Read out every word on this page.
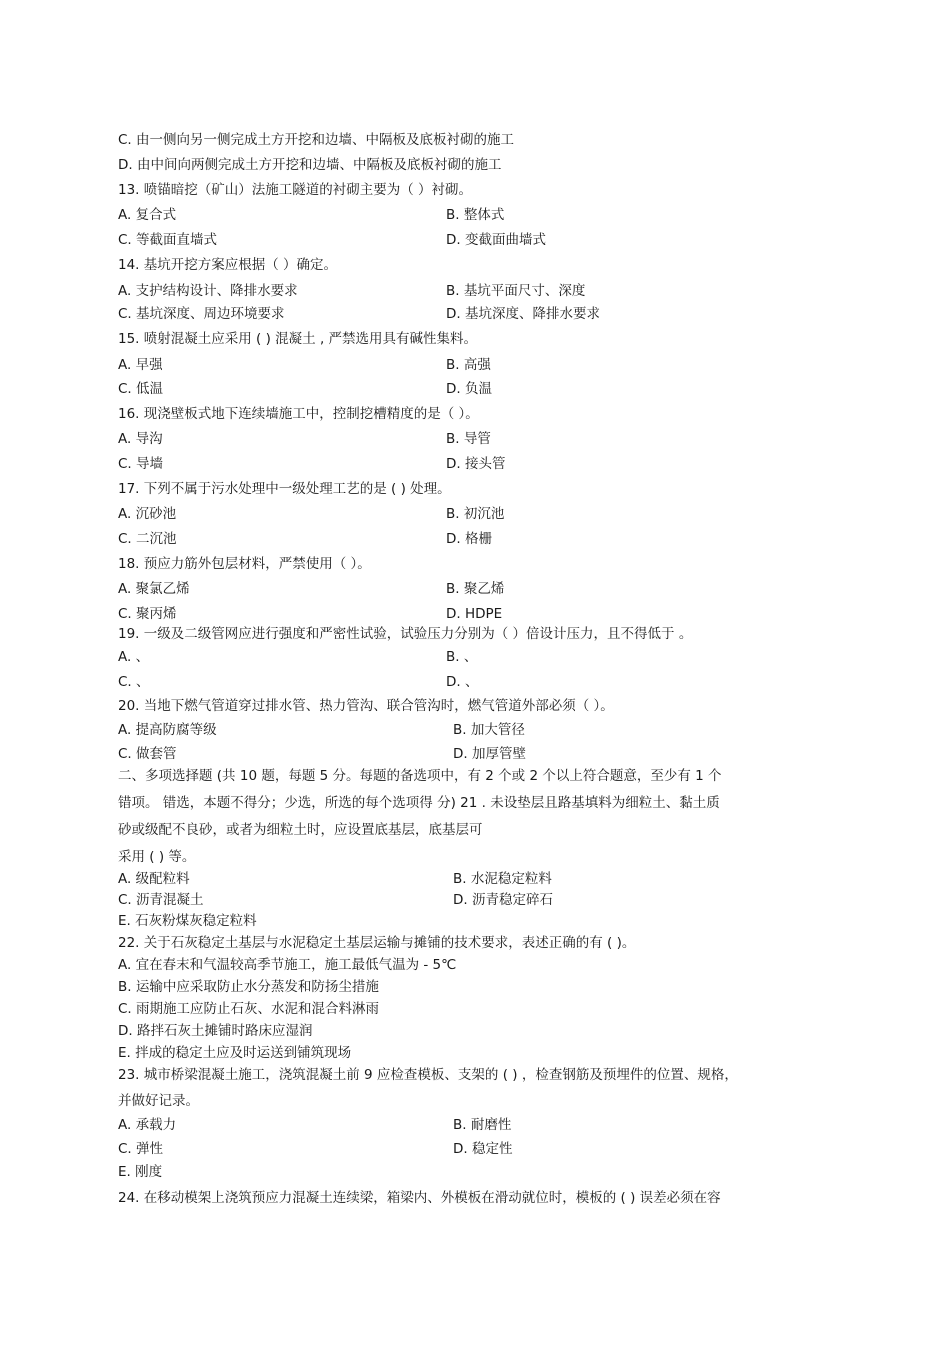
C. 由一侧向另一侧完成土方开挖和边墙、中隔板及底板衬砌的施工
D. 由中间向两侧完成土方开挖和边墙、中隔板及底板衬砌的施工
13. 喷锚暗挖（矿山）法施工隧道的衬砌主要为（ ）衬砌。
A. 复合式	B. 整体式
C. 等截面直墙式	D. 变截面曲墙式
14. 基坑开挖方案应根据（ ）确定。
A. 支护结构设计、降排水要求	B. 基坑平面尺寸、深度
C. 基坑深度、周边环境要求	D. 基坑深度、降排水要求
15. 喷射混凝土应采用 ( ) 混凝土 , 严禁选用具有碱性集料。
A. 早强	B. 高强
C. 低温	D. 负温
16. 现浇壁板式地下连续墙施工中，控制挖槽精度的是（ ）。
A. 导沟	B. 导管
C. 导墙	D. 接头管
17. 下列不属于污水处理中一级处理工艺的是 ( ) 处理。
A. 沉砂池	B. 初沉池
C. 二沉池	D. 格栅
18. 预应力筋外包层材料，严禁使用（ ）。
A. 聚氯乙烯	B. 聚乙烯
C. 聚丙烯	D. HDPE
19. 一级及二级管网应进行强度和严密性试验，试验压力分别为（ ）倍设计压力，且不得低于 。
A. 、	B. 、
C. 、	D. 、
20. 当地下燃气管道穿过排水管、热力管沟、联合管沟时，燃气管道外部必须（ ）。
A. 提高防腐等级	B. 加大管径
C. 做套管	D. 加厚管壁
二、多项选择题 (共 10 题，每题 5 分。每题的备选项中，有 2 个或 2 个以上符合题意，至少有 1 个
错项。 错选，本题不得分；少选，所选的每个选项得 分) 21 . 未设垫层且路基填料为细粒土、黏土质
砂或级配不良砂，或者为细粒土时，应设置底基层，底基层可
采用 ( ) 等。
A. 级配粒料	B. 水泥稳定粒料
C. 沥青混凝土	D. 沥青稳定碎石
E. 石灰粉煤灰稳定粒料
22. 关于石灰稳定土基层与水泥稳定土基层运输与摊铺的技术要求，表述正确的有 ( )。
A. 宜在春末和气温较高季节施工，施工最低气温为 - 5℃
B. 运输中应采取防止水分蒸发和防扬尘措施
C. 雨期施工应防止石灰、水泥和混合料淋雨
D. 路拌石灰土摊铺时路床应湿润
E. 拌成的稳定土应及时运送到铺筑现场
23. 城市桥梁混凝土施工，浇筑混凝土前 9 应检查模板、支架的 ( ) ，检查钢筋及预埋件的位置、规格，
并做好记录。
A. 承载力	B. 耐磨性
C. 弹性	D. 稳定性
E. 刚度
24. 在移动模架上浇筑预应力混凝土连续梁，箱梁内、外模板在滑动就位时，模板的 ( ) 误差必须在容
